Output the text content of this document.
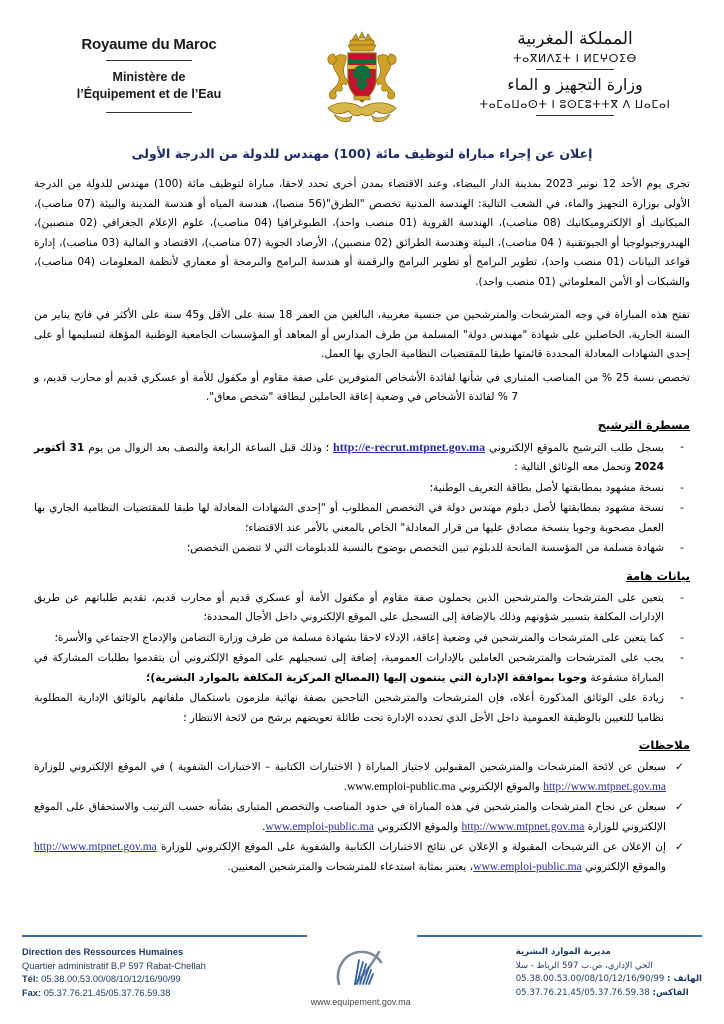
Royaume du Maroc
Ministère de
l’Équipement et de l’Eau
المملكة المغربية
ⵜⴰⴳⵍⴷⵉⵜ ⵏ ⵍⵎⵖⵔⵉⴱ
وزارة التجهيز و الماء
ⵜⴰⵎⴰⵡⴰⵙⵜ ⵏ ⵓⵙⵎⵓⵜⵜⴳ ⴷ ⵡⴰⵎⴰⵏ
إعلان عن إجراء مباراة لتوظيف مائة (100) مهندس للدولة من الدرجة الأولى

تجرى يوم الأحد 12 نونبر 2023 بمدينة الدار البيضاء، وعند الاقتضاء بمدن أخرى تحدد لاحقا، مباراة لتوظيف مائة (100) مهندس للدولة من الدرجة الأولى بوزارة التجهيز والماء، في الشعب التالية: الهندسة المدنية تخصص "الطرق"(56 منصبا)، هندسة المياه أو هندسة المدينة والبيئة (07 مناصب)، الميكانيك أو الإلكتروميكانيك (08 مناصب)، الهندسة القروية (01 منصب واحد)، الطبوغرافيا (04 مناصب)، علوم الإعلام الجغرافي (02 منصبين)، الهيدروجيولوجيا أو الجيوتقنية ( 04 مناصب)، البيئة وهندسة الطرائق (02 منصبين)، الأرصاد الجوية (07 مناصب)، الاقتصاد و المالية (03 مناصب)، إدارة قواعد البيانات (01 منصب واحد)، تطوير البرامج أو تطوير البرامج والرقمنة أو هندسة البرامج والبرمجة أو معماري لأنظمة المعلومات (04 مناصب)، والشبكات أو الأمن المعلوماتي (01 منصب واحد).

تفتح هذه المباراة في وجه المترشحات والمترشحين من جنسية مغربية، البالغين من العمر 18 سنة على الأقل و45 سنة على الأكثر في فاتح يناير من السنة الجارية، الحاصلين على شهادة "مهندس دولة" المسلمة من طرف المدارس أو المعاهد أو المؤسسات الجامعية الوطنية المؤهلة لتسليمها أو على إحدى الشهادات المعادلة المحددة قائمتها طبقا للمقتضيات النظامية الجاري بها العمل.

تخصص نسبة 25 % من المناصب المتبارى في شأنها لفائدة الأشخاص المتوفرين على صفة مقاوم أو مكفول للأمة أو عسكري قديم أو محارب قديم، و 7 % لفائدة الأشخاص في وضعية إعاقة الحاملين لبطاقة "شخص معاق".

مسطرة الترشيح
-
يسجل طلب الترشيح بالموقع الإلكتروني http://e-recrut.mtpnet.gov.ma ؛ وذلك قبل الساعة الرابعة والنصف بعد الزوال من يوم 31 أكتوبر 2024 وتحمل معه الوثائق التالية :
-
نسخة مشهود بمطابقتها لأصل بطاقة التعريف الوطنية؛
-
نسخة مشهود بمطابقتها لأصل دبلوم مهندس دولة في التخصص المطلوب أو "إحدى الشهادات المعادلة لها طبقا للمقتضيات النظامية الجاري بها العمل مصحوبة وجوبا بنسخة مصادق عليها من قرار المعادلة" الخاص بالمعني بالأمر عند الاقتضاء؛
-
شهادة مسلمة من المؤسسة المانحة للدبلوم تبين التخصص بوضوح بالنسبة للدبلومات التي لا تتضمن التخصص؛
بيانات هامة
-
يتعين على المترشحات والمترشحين الذين يحملون صفة مقاوم أو مكفول الأمة أو عسكري قديم أو محارب قديم، تقديم طلباتهم عن طريق الإدارات المكلفة بتسيير شؤونهم وذلك بالإضافة إلى التسجيل على الموقع الإلكتروني داخل الأجال المحددة؛
-
كما يتعين على المترشحات والمترشحين في وضعية إعاقة، الإدلاء لاحقا بشهادة مسلمة من طرف وزارة التضامن والإدماج الاجتماعي والأسرة؛
-
يجب على المترشحات والمترشحين العاملين بالإدارات العمومية، إضافة إلى تسجيلهم على الموقع الإلكتروني أن يتقدموا بطلبات المشاركة في المباراة مشفوعة وجوبا بموافقة الإدارة التي ينتمون إليها (المصالح المركزية المكلفة بالموارد البشرية)؛
-
زيادة على الوثائق المذكورة أعلاه، فإن المترشحات والمترشحين الناجحين بصفة نهائية ملزمون باستكمال ملفاتهم بالوثائق الإدارية المطلوبة نظاميا للتعيين بالوظيفة العمومية داخل الأجل الذي تحدده الإدارة تحت طائلة تعويضهم برشح من لائحة الانتظار ؛
ملاحظات
✓
سيعلن عن لائحة المترشحات والمترشحين المقبولين لاجتياز المباراة ( الاختبارات الكتابية – الاختبارات الشفوية ) في الموقع الإلكتروني للوزارة http://www.mtpnet.gov.ma والموقع الإلكتروني www.emploi-public.ma.
✓
سيعلن عن نجاح المترشحات والمترشحين في هذه المباراة في حدود المناصب والتخصص المتبارى بشأنه حسب الترتيب والاستحقاق على الموقع الإلكتروني للوزارة http://www.mtpnet.gov.ma والموقع الالكتروني www.emploi-public.ma.
✓
إن الإعلان عن الترشيحات المقبولة و الإعلان عن نتائج الاختبارات الكتابية والشفوية على الموقع الإلكتروني للوزارة http://www.mtpnet.gov.ma والموقع الإلكتروني www.emploi-public.ma، يعتبر بمثابة استدعاء للمترشحات والمترشحين المعنيين.
Direction des Ressources Humaines
Quartier administratif B.P 597 Rabat-Chellah
Tél: 05.38.00.53.00/08/10/12/16/90/99
Fax: 05.37.76.21.45/05.37.76.59.38
www.equipement.gov.ma
مديرية الموارد البشرية
الحي الإداري، ص.ب 597 الرباط - سلا
الهاتف : 05.38.00.53.00/08/10/12/16/90/99
الفاكس: 05.37.76.21.45/05.37.76.59.38
